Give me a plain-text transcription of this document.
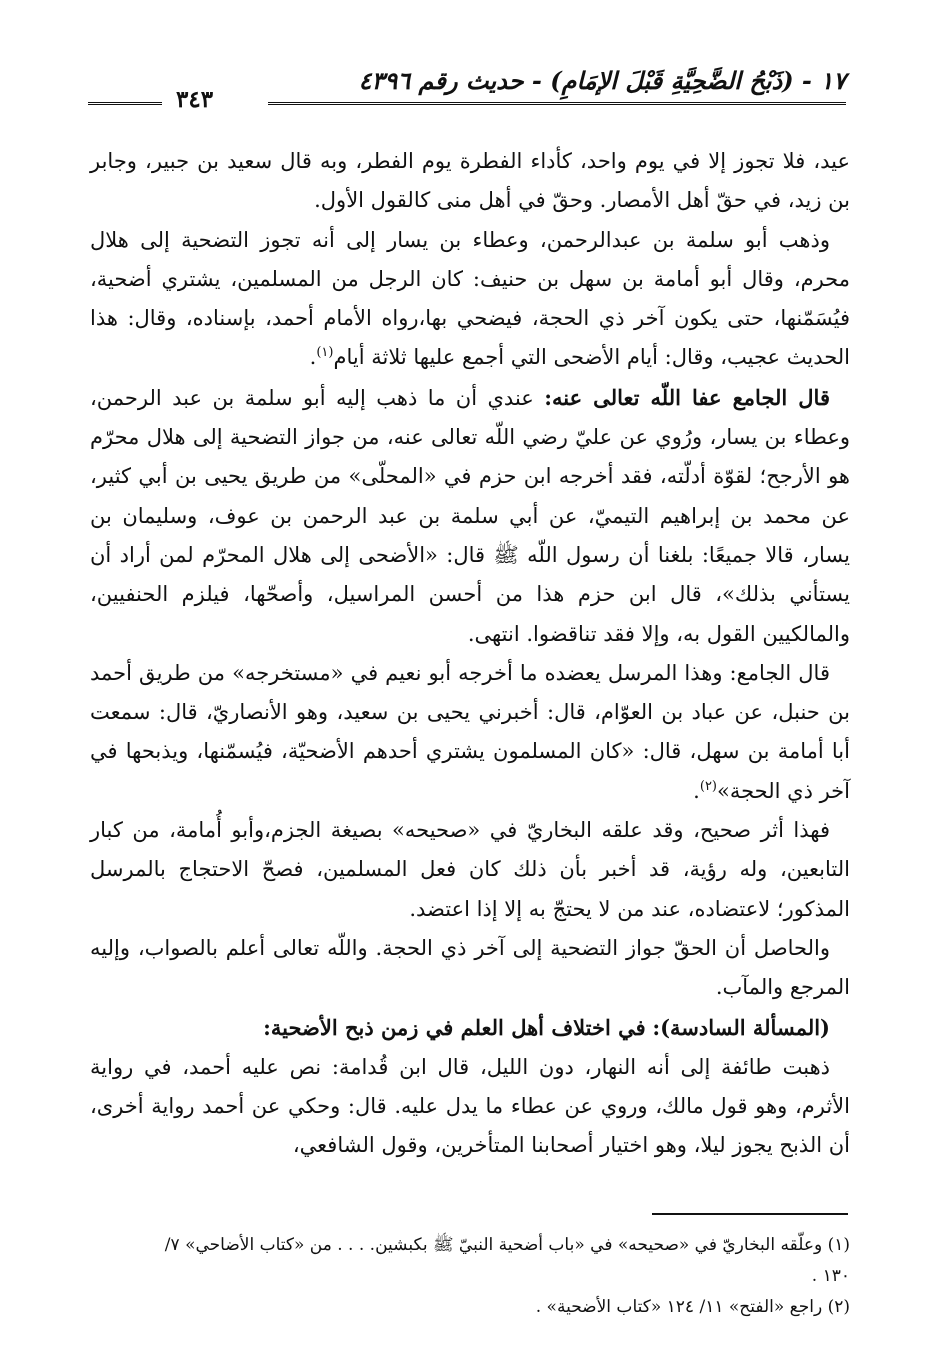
١٧ - (ذَبْحُ الضَّحِيَّةِ قَبْلَ الإمَامِ) - حديث رقم ٤٣٩٦
٣٤٣

عيد، فلا تجوز إلا في يوم واحد، كأداء الفطرة يوم الفطر، وبه قال سعيد بن جبير، وجابر بن زيد، في حقّ أهل الأمصار. وحقّ في أهل منى كالقول الأول.

وذهب أبو سلمة بن عبدالرحمن، وعطاء بن يسار إلى أنه تجوز التضحية إلى هلال محرم، وقال أبو أمامة بن سهل بن حنيف: كان الرجل من المسلمين، يشتري أضحية، فيُسَمّنها، حتى يكون آخر ذي الحجة، فيضحي بها،رواه الأمام أحمد، بإسناده، وقال: هذا الحديث عجيب، وقال: أيام الأضحى التي أجمع عليها ثلاثة أيام$^{(١)}$.

قال الجامع عفا اللّه تعالى عنه: عندي أن ما ذهب إليه أبو سلمة بن عبد الرحمن، وعطاء بن يسار، ورُوي عن عليّ رضي اللّه تعالى عنه، من جواز التضحية إلى هلال محرّم هو الأرجح؛ لقوّة أدلّته، فقد أخرجه ابن حزم في «المحلّى» من طريق يحيى بن أبي كثير، عن محمد بن إبراهيم التيميّ، عن أبي سلمة بن عبد الرحمن بن عوف، وسليمان بن يسار، قالا جميعًا: بلغنا أن رسول اللّه ﷺ قال: «الأضحى إلى هلال المحرّم لمن أراد أن يستأني بذلك»، قال ابن حزم هذا من أحسن المراسيل، وأصحّها، فيلزم الحنفيين، والمالكيين القول به، وإلا فقد تناقضوا. انتهى.

قال الجامع: وهذا المرسل يعضده ما أخرجه أبو نعيم في «مستخرجه» من طريق أحمد بن حنبل، عن عباد بن العوّام، قال: أخبرني يحيى بن سعيد، وهو الأنصاريّ، قال: سمعت أبا أمامة بن سهل، قال: «كان المسلمون يشتري أحدهم الأضحيّة، فيُسمّنها، ويذبحها في آخر ذي الحجة»$^{(٢)}$.

فهذا أثر صحيح، وقد علقه البخاريّ في «صحيحه» بصيغة الجزم،وأبو أُمامة، من كبار التابعين، وله رؤية، قد أخبر بأن ذلك كان فعل المسلمين، فصحّ الاحتجاج بالمرسل المذكور؛ لاعتضاده، عند من لا يحتجّ به إلا إذا اعتضد.

والحاصل أن الحقّ جواز التضحية إلى آخر ذي الحجة. واللّه تعالى أعلم بالصواب، وإليه المرجع والمآب.

(المسألة السادسة): في اختلاف أهل العلم في زمن ذبح الأضحية:

ذهبت طائفة إلى أنه النهار، دون الليل، قال ابن قُدامة: نص عليه أحمد، في رواية الأثرم، وهو قول مالك، وروي عن عطاء ما يدل عليه. قال: وحكي عن أحمد رواية أخرى، أن الذبح يجوز ليلا، وهو اختيار أصحابنا المتأخرين، وقول الشافعي،

(١) وعلّقه البخاريّ في «صحيحه» في «باب أضحية النبيّ ﷺ بكبشين. . . . من «كتاب الأضاحي» ٧/

١٣٠ .

(٢) راجع «الفتح» ١١/ ١٢٤ «كتاب الأضحية» .
